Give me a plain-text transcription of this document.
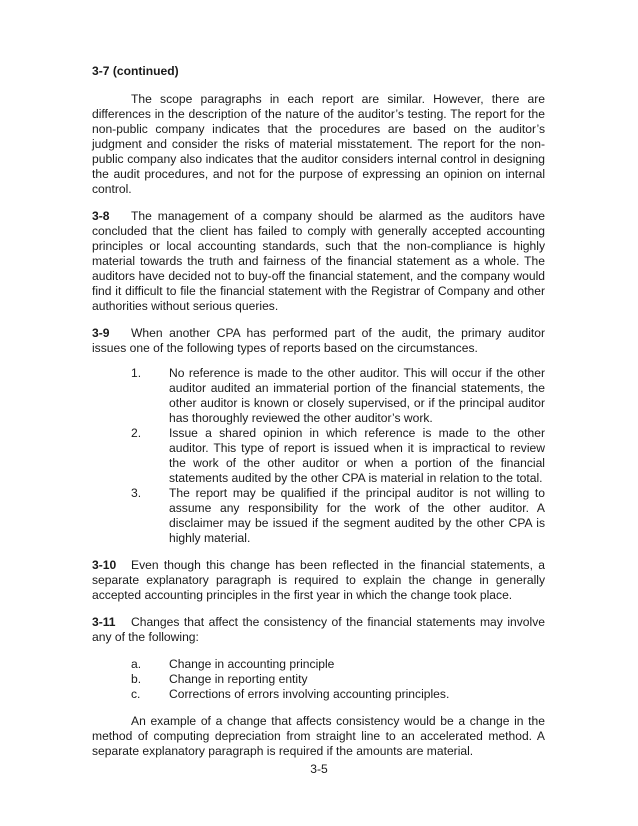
3-7 (continued)

The scope paragraphs in each report are similar. However, there are differences in the description of the nature of the auditor’s testing. The report for the non-public company indicates that the procedures are based on the auditor’s judgment and consider the risks of material misstatement. The report for the non-public company also indicates that the auditor considers internal control in designing the audit procedures, and not for the purpose of expressing an opinion on internal control.

3-8 The management of a company should be alarmed as the auditors have concluded that the client has failed to comply with generally accepted accounting principles or local accounting standards, such that the non-compliance is highly material towards the truth and fairness of the financial statement as a whole. The auditors have decided not to buy-off the financial statement, and the company would find it difficult to file the financial statement with the Registrar of Company and other authorities without serious queries.

3-9 When another CPA has performed part of the audit, the primary auditor issues one of the following types of reports based on the circumstances.

1.	No reference is made to the other auditor. This will occur if the other auditor audited an immaterial portion of the financial statements, the other auditor is known or closely supervised, or if the principal auditor has thoroughly reviewed the other auditor’s work.
2.	Issue a shared opinion in which reference is made to the other auditor. This type of report is issued when it is impractical to review the work of the other auditor or when a portion of the financial statements audited by the other CPA is material in relation to the total.
3.	The report may be qualified if the principal auditor is not willing to assume any responsibility for the work of the other auditor. A disclaimer may be issued if the segment audited by the other CPA is highly material.

3-10 Even though this change has been reflected in the financial statements, a separate explanatory paragraph is required to explain the change in generally accepted accounting principles in the first year in which the change took place.

3-11 Changes that affect the consistency of the financial statements may involve any of the following:

a.	Change in accounting principle
b.	Change in reporting entity
c.	Corrections of errors involving accounting principles.

An example of a change that affects consistency would be a change in the method of computing depreciation from straight line to an accelerated method. A separate explanatory paragraph is required if the amounts are material.

3-5
